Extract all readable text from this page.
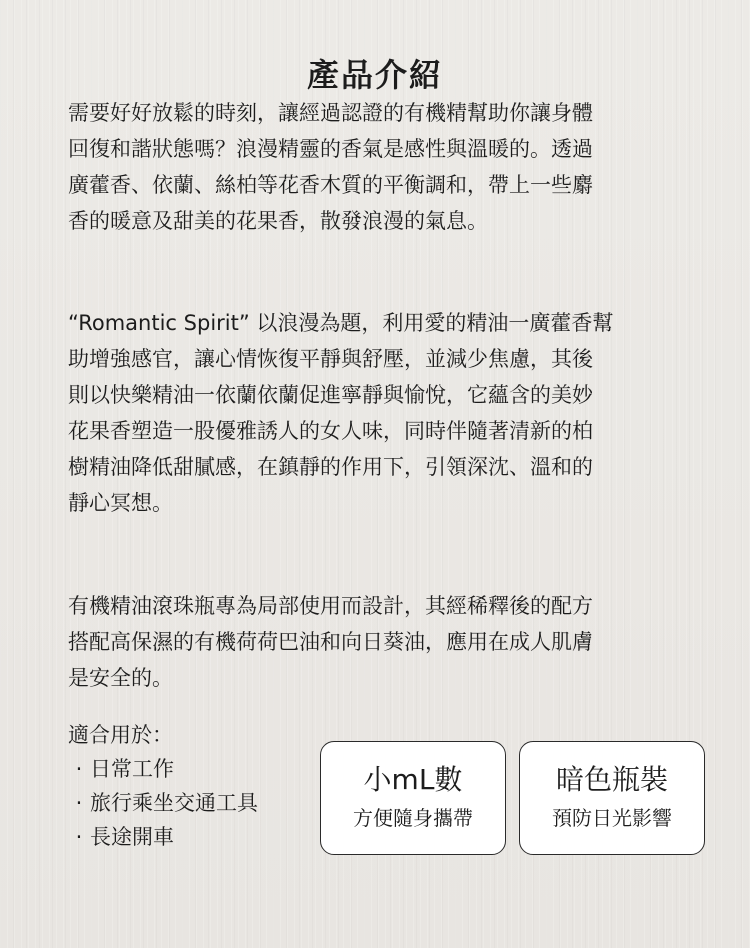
產品介紹

需要好好放鬆的時刻，讓經過認證的有機精幫助你讓身體
回復和諧狀態嗎？浪漫精靈的香氣是感性與溫暖的。透過
廣藿香、依蘭、絲柏等花香木質的平衡調和，帶上一些麝
香的暖意及甜美的花果香，散發浪漫的氣息。

“Romantic Spirit” 以浪漫為題，利用愛的精油一廣藿香幫
助增強感官，讓心情恢復平靜與舒壓，並減少焦慮，其後
則以快樂精油一依蘭依蘭促進寧靜與愉悅，它蘊含的美妙
花果香塑造一股優雅誘人的女人味，同時伴隨著清新的柏
樹精油降低甜膩感，在鎮靜的作用下，引領深沈、溫和的
靜心冥想。

有機精油滾珠瓶專為局部使用而設計，其經稀釋後的配方
搭配高保濕的有機荷荷巴油和向日葵油，應用在成人肌膚
是安全的。

適合用於：
· 日常工作
· 旅行乘坐交通工具
· 長途開車
小mL數
方便隨身攜帶
暗色瓶裝
預防日光影響
